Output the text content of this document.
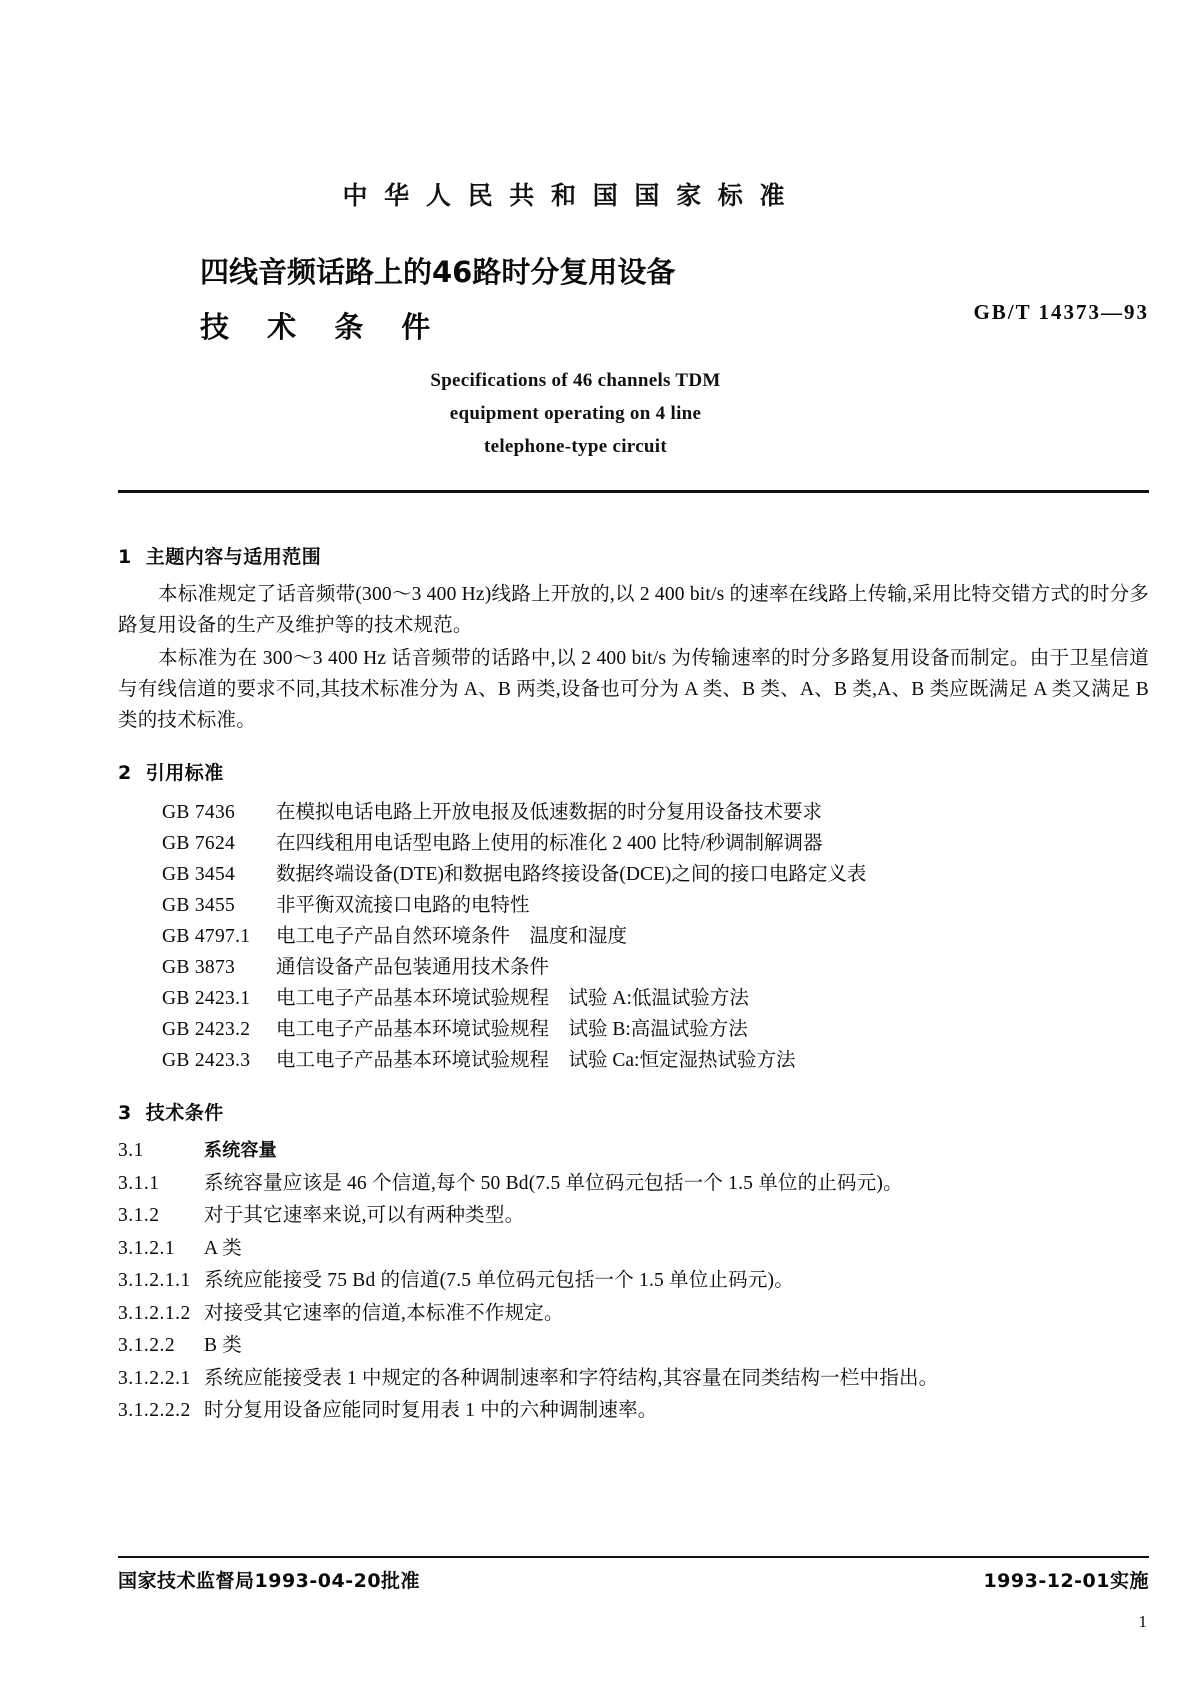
中 华 人 民 共 和 国 国 家 标 准
四线音频话路上的46路时分复用设备
技 术 条 件	GB/T 14373—93
Specifications of 46 channels TDM
equipment operating on 4 line
telephone-type circuit
1 主题内容与适用范围

本标准规定了话音频带(300～3 400 Hz)线路上开放的,以 2 400 bit/s 的速率在线路上传输,采用比特交错方式的时分多路复用设备的生产及维护等的技术规范。

本标准为在 300～3 400 Hz 话音频带的话路中,以 2 400 bit/s 为传输速率的时分多路复用设备而制定。由于卫星信道与有线信道的要求不同,其技术标准分为 A、B 两类,设备也可分为 A 类、B 类、A、B 类,A、B 类应既满足 A 类又满足 B 类的技术标准。

2 引用标准
GB 7436	在模拟电话电路上开放电报及低速数据的时分复用设备技术要求
GB 7624	在四线租用电话型电路上使用的标准化 2 400 比特/秒调制解调器
GB 3454	数据终端设备(DTE)和数据电路终接设备(DCE)之间的接口电路定义表
GB 3455	非平衡双流接口电路的电特性
GB 4797.1	电工电子产品自然环境条件　温度和湿度
GB 3873	通信设备产品包装通用技术条件
GB 2423.1	电工电子产品基本环境试验规程　试验 A:低温试验方法
GB 2423.2	电工电子产品基本环境试验规程　试验 B:高温试验方法
GB 2423.3	电工电子产品基本环境试验规程　试验 Ca:恒定湿热试验方法
3 技术条件
3.1	系统容量
3.1.1	系统容量应该是 46 个信道,每个 50 Bd(7.5 单位码元包括一个 1.5 单位的止码元)。
3.1.2	对于其它速率来说,可以有两种类型。
3.1.2.1	A 类
3.1.2.1.1 系统应能接受 75 Bd 的信道(7.5 单位码元包括一个 1.5 单位止码元)。
3.1.2.1.2 对接受其它速率的信道,本标准不作规定。
3.1.2.2	B 类
3.1.2.2.1 系统应能接受表 1 中规定的各种调制速率和字符结构,其容量在同类结构一栏中指出。
3.1.2.2.2 时分复用设备应能同时复用表 1 中的六种调制速率。
国家技术监督局1993-04-20批准	1993-12-01实施
1
